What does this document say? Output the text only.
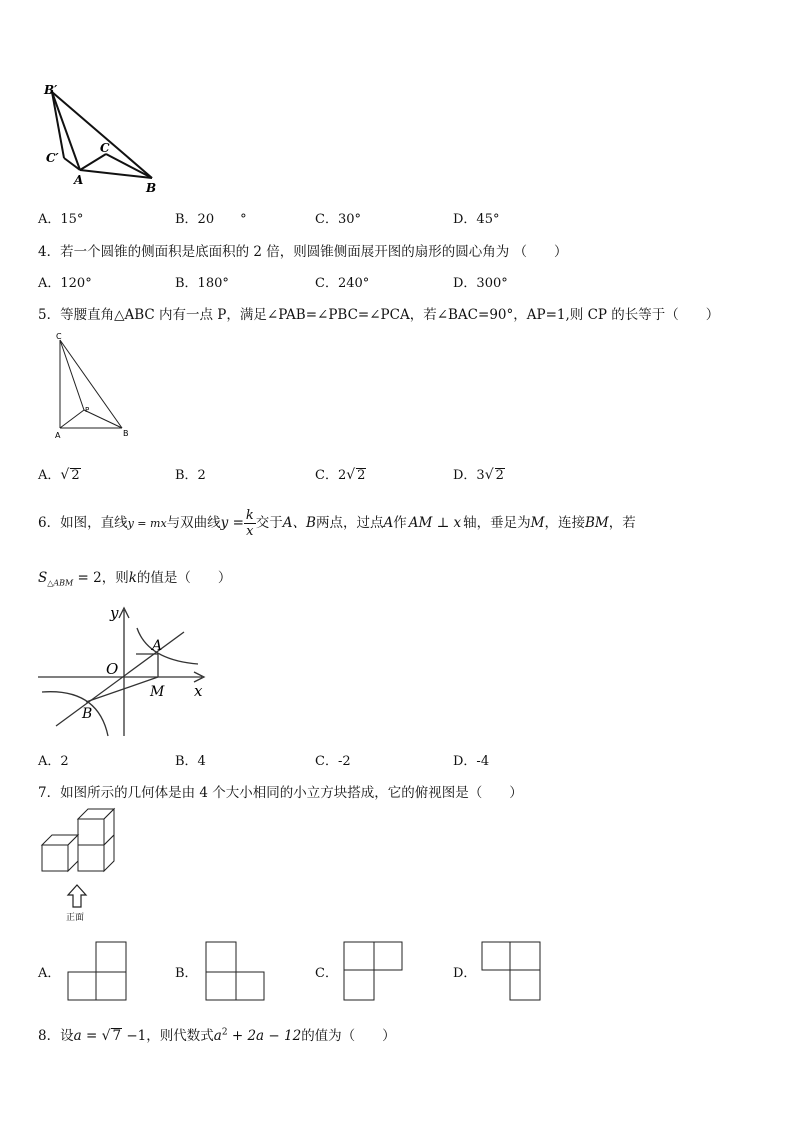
B′
C′
A
C
B
A．15°	B．20 °	C．30°	D．45°
4．若一个圆锥的侧面积是底面积的 2 倍，则圆锥侧面展开图的扇形的圆心角为 （　　）
A．120°	B．180°	C．240°	D．300°
5．等腰直角△ABC 内有一点 P，满足∠PAB=∠PBC=∠PCA，若∠BAC=90°，AP=1,则 CP 的长等于（　　）
C
P
A	B
A．√ 2	B．2	C．2√ 2	D．3√ 2
6．如图，直线y = mx与双曲线$y = \frac{k}{x}$ 交于A、B两点，过点A作 AM ⊥ x 轴，垂足为M，连接BM，若
$S_{\triangle ABM} = 2$，则k的值是（　　）
y
x
O
A
M
B
A．2	B．4	C．-2	D．-4
7．如图所示的几何体是由 4 个大小相同的小立方块搭成，它的俯视图是（　　）
正面
A．	B．	C．	D．
8．设a = √ 7 −1，则代数式$a^2 + 2a - 12$的值为（　　）
